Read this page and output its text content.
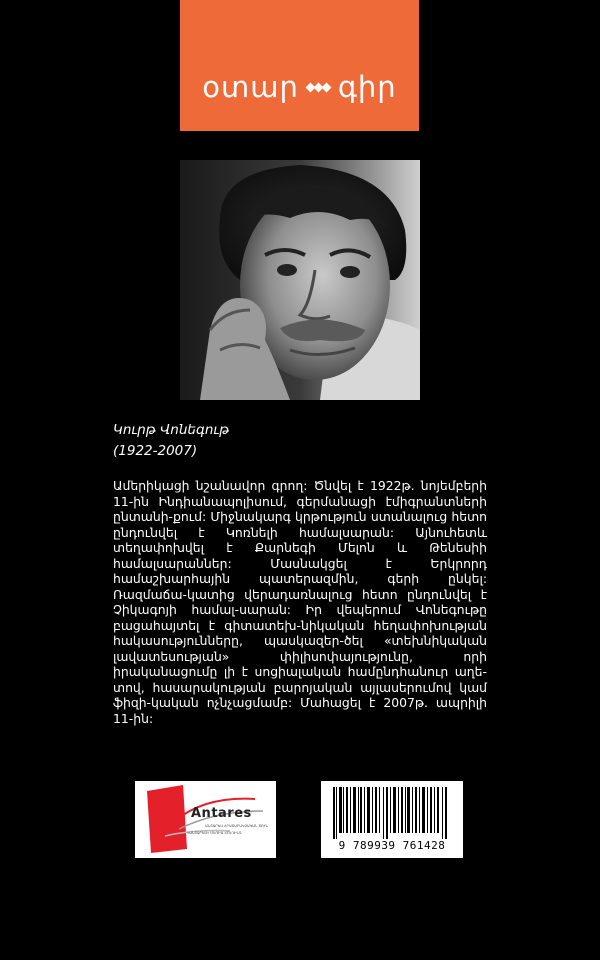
օտար գիր
Կուրթ Վոնեգութ
(1922-2007)

Ամերիկացի նշանավոր գրող: Ծնվել է 1922թ. նոյեմբերի 11-ին Ինդիանապոլիսում, գերմանացի էմիգրանտների ընտանի-քում: Միջնակարգ կրթություն ստանալուց հետո ընդունվել է Կոռնելի համալսարան: Այնուհետև տեղափոխվել է Քարնեգի Մելոն և Թենեսիի համալսարաններ: Մասնակցել է Երկրորդ համաշխարհային պատերազմին, գերի ընկել: Ռազմաճա-կատից վերադառնալուց հետո ընդունվել է Չիկագոյի համալ-սարան: Իր վեպերում Վոնեգութը բացահայտել է գիտատեխ-նիկական հեղափոխության հակասությունները, պասկազեր-ծել «տեխնիկական լավատեսության» փիլիսոփայությունը, որի իրականացումը լի է սոցիալական համընդհանուր աղե-տով, հասարակության բարոյական այլասերումով կամ ֆիզի-կական ոչնչացմամբ: Մահացել է 2007թ. ապրիլի 11-ին:

Antares
ԱՆՏԱՐԵՍ ՀՐԱՏԱՐԱԿՉԱԿԱՆ ՏՈՒՆ
«ԱՆՏԱՐԵՍ» ՄԵԴԻԱ ՀՈԼԴԻՆԳ
9 789939 761428
